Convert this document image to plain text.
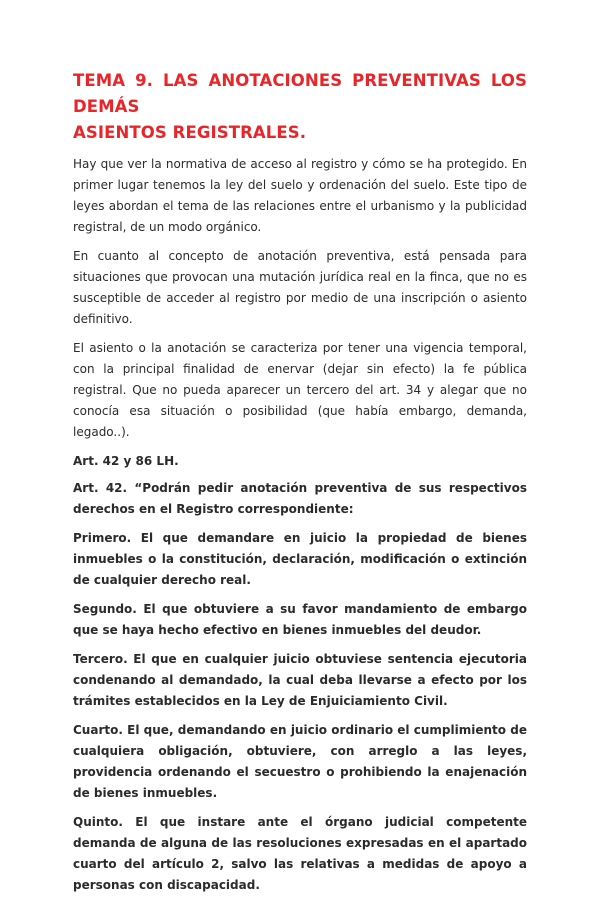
TEMA 9. LAS ANOTACIONES PREVENTIVAS LOS DEMÁS
ASIENTOS REGISTRALES.

Hay que ver la normativa de acceso al registro y cómo se ha protegido. En primer lugar tenemos la ley del suelo y ordenación del suelo. Este tipo de leyes abordan el tema de las relaciones entre el urbanismo y la publicidad registral, de un modo orgánico.

En cuanto al concepto de anotación preventiva, está pensada para situaciones que provocan una mutación jurídica real en la finca, que no es susceptible de acceder al registro por medio de una inscripción o asiento definitivo.

El asiento o la anotación se caracteriza por tener una vigencia temporal, con la principal finalidad de enervar (dejar sin efecto) la fe pública registral. Que no pueda aparecer un tercero del art. 34 y alegar que no conocía esa situación o posibilidad (que había embargo, demanda, legado..).

Art. 42 y 86 LH.

Art. 42. “Podrán pedir anotación preventiva de sus respectivos derechos en el Registro correspondiente:

Primero. El que demandare en juicio la propiedad de bienes inmuebles o la constitución, declaración, modificación o extinción de cualquier derecho real.

Segundo. El que obtuviere a su favor mandamiento de embargo que se haya hecho efectivo en bienes inmuebles del deudor.

Tercero. El que en cualquier juicio obtuviese sentencia ejecutoria condenando al demandado, la cual deba llevarse a efecto por los trámites establecidos en la Ley de Enjuiciamiento Civil.

Cuarto. El que, demandando en juicio ordinario el cumplimiento de cualquiera obligación, obtuviere, con arreglo a las leyes, providencia ordenando el secuestro o prohibiendo la enajenación de bienes inmuebles.

Quinto. El que instare ante el órgano judicial competente demanda de alguna de las resoluciones expresadas en el apartado cuarto del artículo 2, salvo las relativas a medidas de apoyo a personas con discapacidad.
